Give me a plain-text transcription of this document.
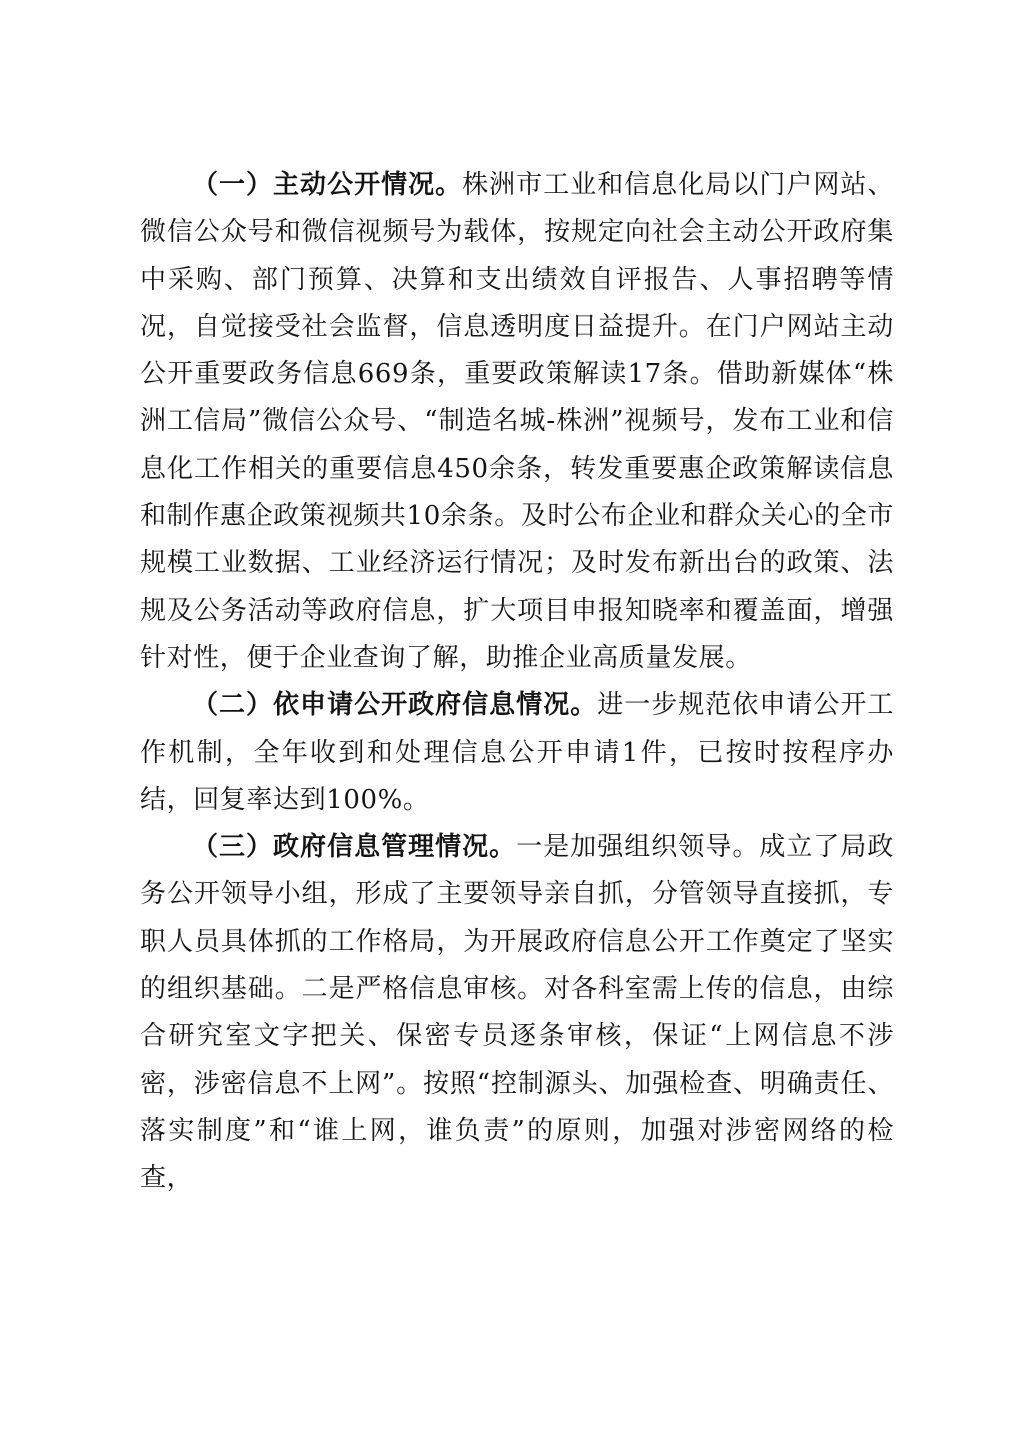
（一）主动公开情况。株洲市工业和信息化局以门户网站、微信公众号和微信视频号为载体，按规定向社会主动公开政府集中采购、部门预算、决算和支出绩效自评报告、人事招聘等情况，自觉接受社会监督，信息透明度日益提升。在门户网站主动公开重要政务信息669条，重要政策解读17条。借助新媒体“株洲工信局”微信公众号、“制造名城-株洲”视频号，发布工业和信息化工作相关的重要信息450余条，转发重要惠企政策解读信息和制作惠企政策视频共10余条。及时公布企业和群众关心的全市规模工业数据、工业经济运行情况；及时发布新出台的政策、法规及公务活动等政府信息，扩大项目申报知晓率和覆盖面，增强针对性，便于企业查询了解，助推企业高质量发展。

（二）依申请公开政府信息情况。进一步规范依申请公开工作机制，全年收到和处理信息公开申请1件，已按时按程序办结，回复率达到100%。

（三）政府信息管理情况。一是加强组织领导。成立了局政务公开领导小组，形成了主要领导亲自抓，分管领导直接抓，专职人员具体抓的工作格局，为开展政府信息公开工作奠定了坚实的组织基础。二是严格信息审核。对各科室需上传的信息，由综合研究室文字把关、保密专员逐条审核，保证“上网信息不涉密，涉密信息不上网”。按照“控制源头、加强检查、明确责任、落实制度”和“谁上网，谁负责”的原则，加强对涉密网络的检查，
